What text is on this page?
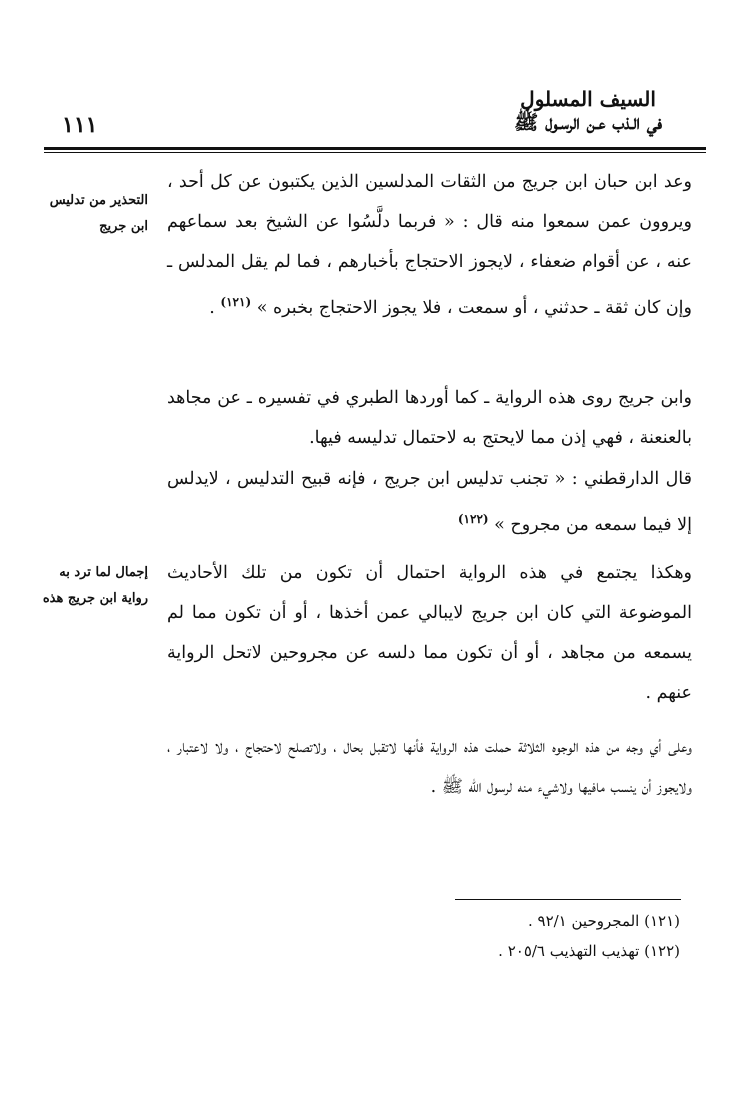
السيف المسلول
في الـذب عـن الرسـول ﷺ
١١١
التحذير من تدليس ابن جريج
إجمال لما ترد به رواية ابن جريج هذه

وعد ابن حبان ابن جريج من الثقات المدلسين الذين يكتبون عن كل أحد ، ويروون عمن سمعوا منه قال : « فربما دلَّسُوا عن الشيخ بعد سماعهم عنه ، عن أقوام ضعفاء ، لايجوز الاحتجاج بأخبارهم ، فما لم يقل المدلس ـ وإن كان ثقة ـ حدثني ، أو سمعت ، فلا يجوز الاحتجاج بخبره » $^{(١٢١)}$ .

وابن جريج روى هذه الرواية ـ كما أوردها الطبري في تفسيره ـ عن مجاهد بالعنعنة ، فهي إذن مما لايحتج به لاحتمال تدليسه فيها.

قال الدارقطني : « تجنب تدليس ابن جريج ، فإنه قبيح التدليس ، لايدلس إلا فيما سمعه من مجروح » $^{(١٢٢)}$

وهكذا يجتمع في هذه الرواية احتمال أن تكون من تلك الأحاديث الموضوعة التي كان ابن جريج لايبالي عمن أخذها ، أو أن تكون مما لم يسمعه من مجاهد ، أو أن تكون مما دلسه عن مجروحين لاتحل الرواية عنهم .

وعلى أي وجه من هذه الوجوه الثلاثة حملت هذه الرواية فأنها لاتقبل بحال ، ولاتصلح لاحتجاج ، ولا لاعتبار ، ولايجوز أن ينسب مافيها ولاشيء منه لرسول الله ﷺ .

(١٢١) المجروحين ٩٢/١ .
(١٢٢) تهذيب التهذيب ٢٠٥/٦ .
